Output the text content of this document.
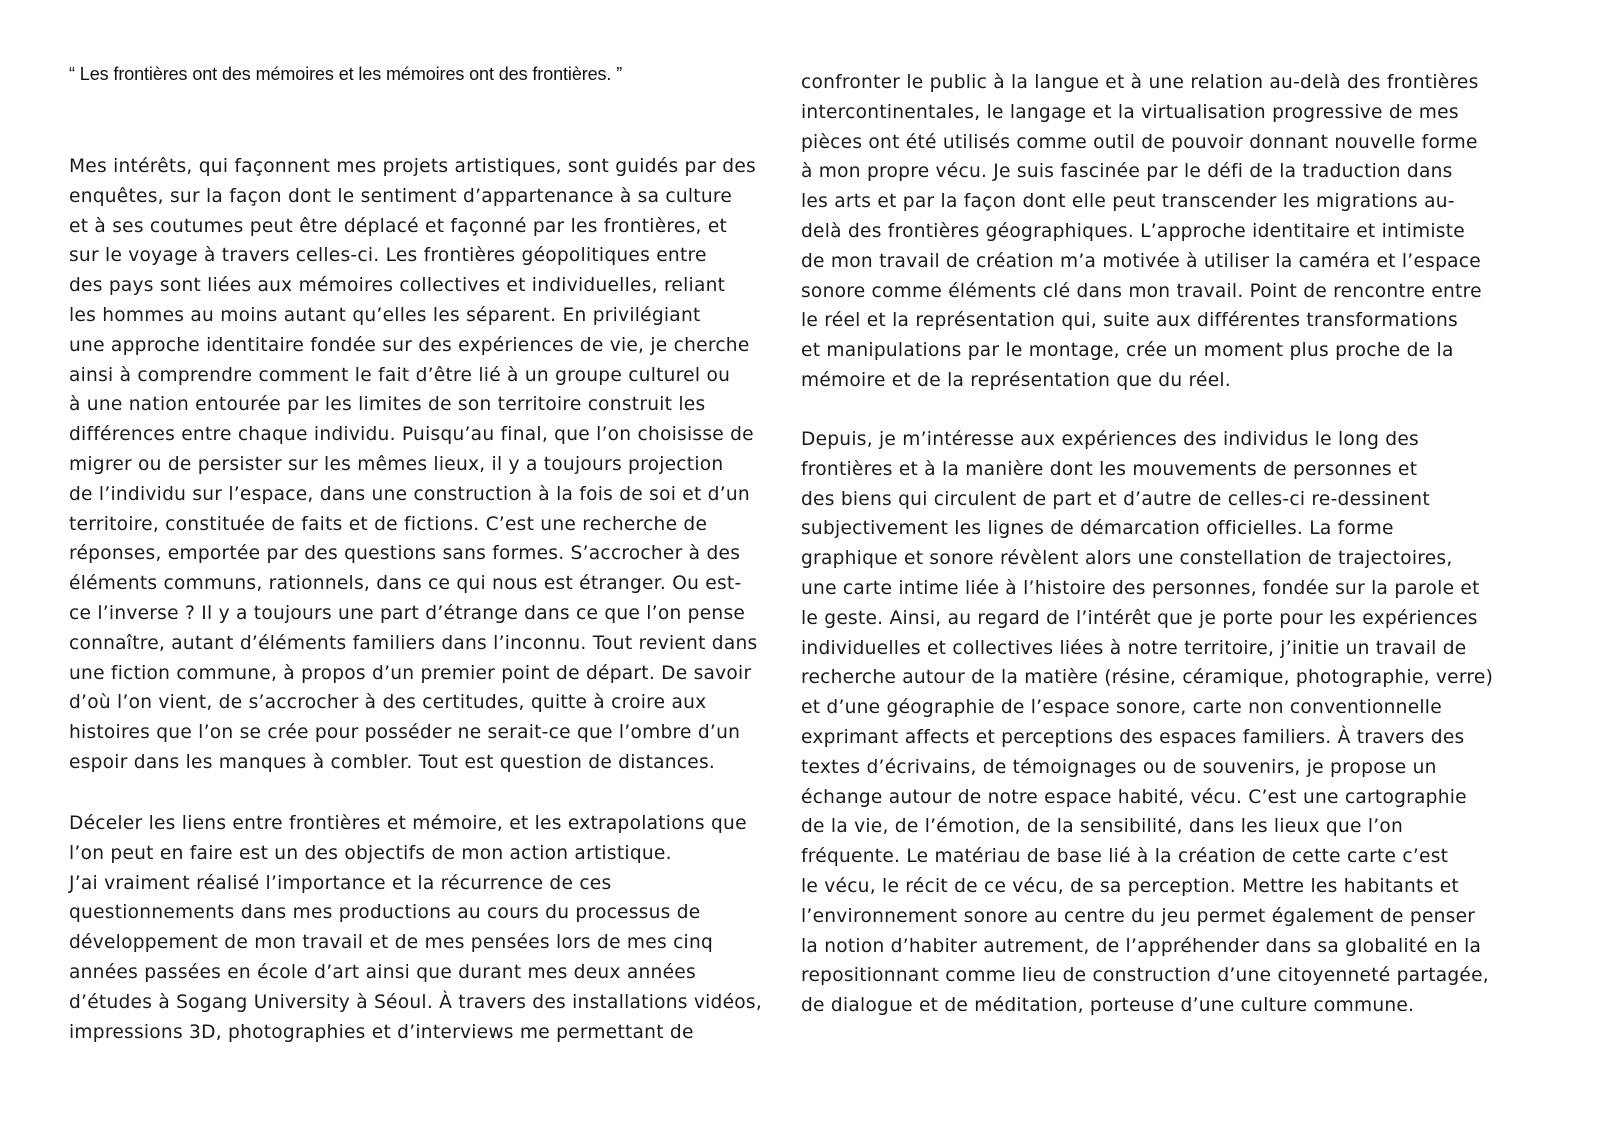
“ Les frontières ont des mémoires et les mémoires ont des frontières. ”
Mes intérêts, qui façonnent mes projets artistiques, sont guidés par des
enquêtes, sur la façon dont le sentiment d’appartenance à sa culture
et à ses coutumes peut être déplacé et façonné par les frontières, et
sur le voyage à travers celles-ci. Les frontières géopolitiques entre
des pays sont liées aux mémoires collectives et individuelles, reliant
les hommes au moins autant qu’elles les séparent. En privilégiant
une approche identitaire fondée sur des expériences de vie, je cherche
ainsi à comprendre comment le fait d’être lié à un groupe culturel ou
à une nation entourée par les limites de son territoire construit les
différences entre chaque individu. Puisqu’au final, que l’on choisisse de
migrer ou de persister sur les mêmes lieux, il y a toujours projection
de l’individu sur l’espace, dans une construction à la fois de soi et d’un
territoire, constituée de faits et de fictions. C’est une recherche de
réponses, emportée par des questions sans formes. S’accrocher à des
éléments communs, rationnels, dans ce qui nous est étranger. Ou est-
ce l’inverse ? Il y a toujours une part d’étrange dans ce que l’on pense
connaître, autant d’éléments familiers dans l’inconnu. Tout revient dans
une fiction commune, à propos d’un premier point de départ. De savoir
d’où l’on vient, de s’accrocher à des certitudes, quitte à croire aux
histoires que l’on se crée pour posséder ne serait-ce que l’ombre d’un
espoir dans les manques à combler. Tout est question de distances.
Déceler les liens entre frontières et mémoire, et les extrapolations que
l’on peut en faire est un des objectifs de mon action artistique.
J’ai vraiment réalisé l’importance et la récurrence de ces
questionnements dans mes productions au cours du processus de
développement de mon travail et de mes pensées lors de mes cinq
années passées en école d’art ainsi que durant mes deux années
d’études à Sogang University à Séoul. À travers des installations vidéos,
impressions 3D, photographies et d’interviews me permettant de
confronter le public à la langue et à une relation au-delà des frontières
intercontinentales, le langage et la virtualisation progressive de mes
pièces ont été utilisés comme outil de pouvoir donnant nouvelle forme
à mon propre vécu. Je suis fascinée par le défi de la traduction dans
les arts et par la façon dont elle peut transcender les migrations au-
delà des frontières géographiques. L’approche identitaire et intimiste
de mon travail de création m’a motivée à utiliser la caméra et l’espace
sonore comme éléments clé dans mon travail. Point de rencontre entre
le réel et la représentation qui, suite aux différentes transformations
et manipulations par le montage, crée un moment plus proche de la
mémoire et de la représentation que du réel.
Depuis, je m’intéresse aux expériences des individus le long des
frontières et à la manière dont les mouvements de personnes et
des biens qui circulent de part et d’autre de celles-ci re-dessinent
subjectivement les lignes de démarcation officielles. La forme
graphique et sonore révèlent alors une constellation de trajectoires,
une carte intime liée à l’histoire des personnes, fondée sur la parole et
le geste. Ainsi, au regard de l’intérêt que je porte pour les expériences
individuelles et collectives liées à notre territoire, j’initie un travail de
recherche autour de la matière (résine, céramique, photographie, verre)
et d’une géographie de l’espace sonore, carte non conventionnelle
exprimant affects et perceptions des espaces familiers. À travers des
textes d’écrivains, de témoignages ou de souvenirs, je propose un
échange autour de notre espace habité, vécu. C’est une cartographie
de la vie, de l’émotion, de la sensibilité, dans les lieux que l’on
fréquente. Le matériau de base lié à la création de cette carte c’est
le vécu, le récit de ce vécu, de sa perception. Mettre les habitants et
l’environnement sonore au centre du jeu permet également de penser
la notion d’habiter autrement, de l’appréhender dans sa globalité en la
repositionnant comme lieu de construction d’une citoyenneté partagée,
de dialogue et de méditation, porteuse d’une culture commune.
